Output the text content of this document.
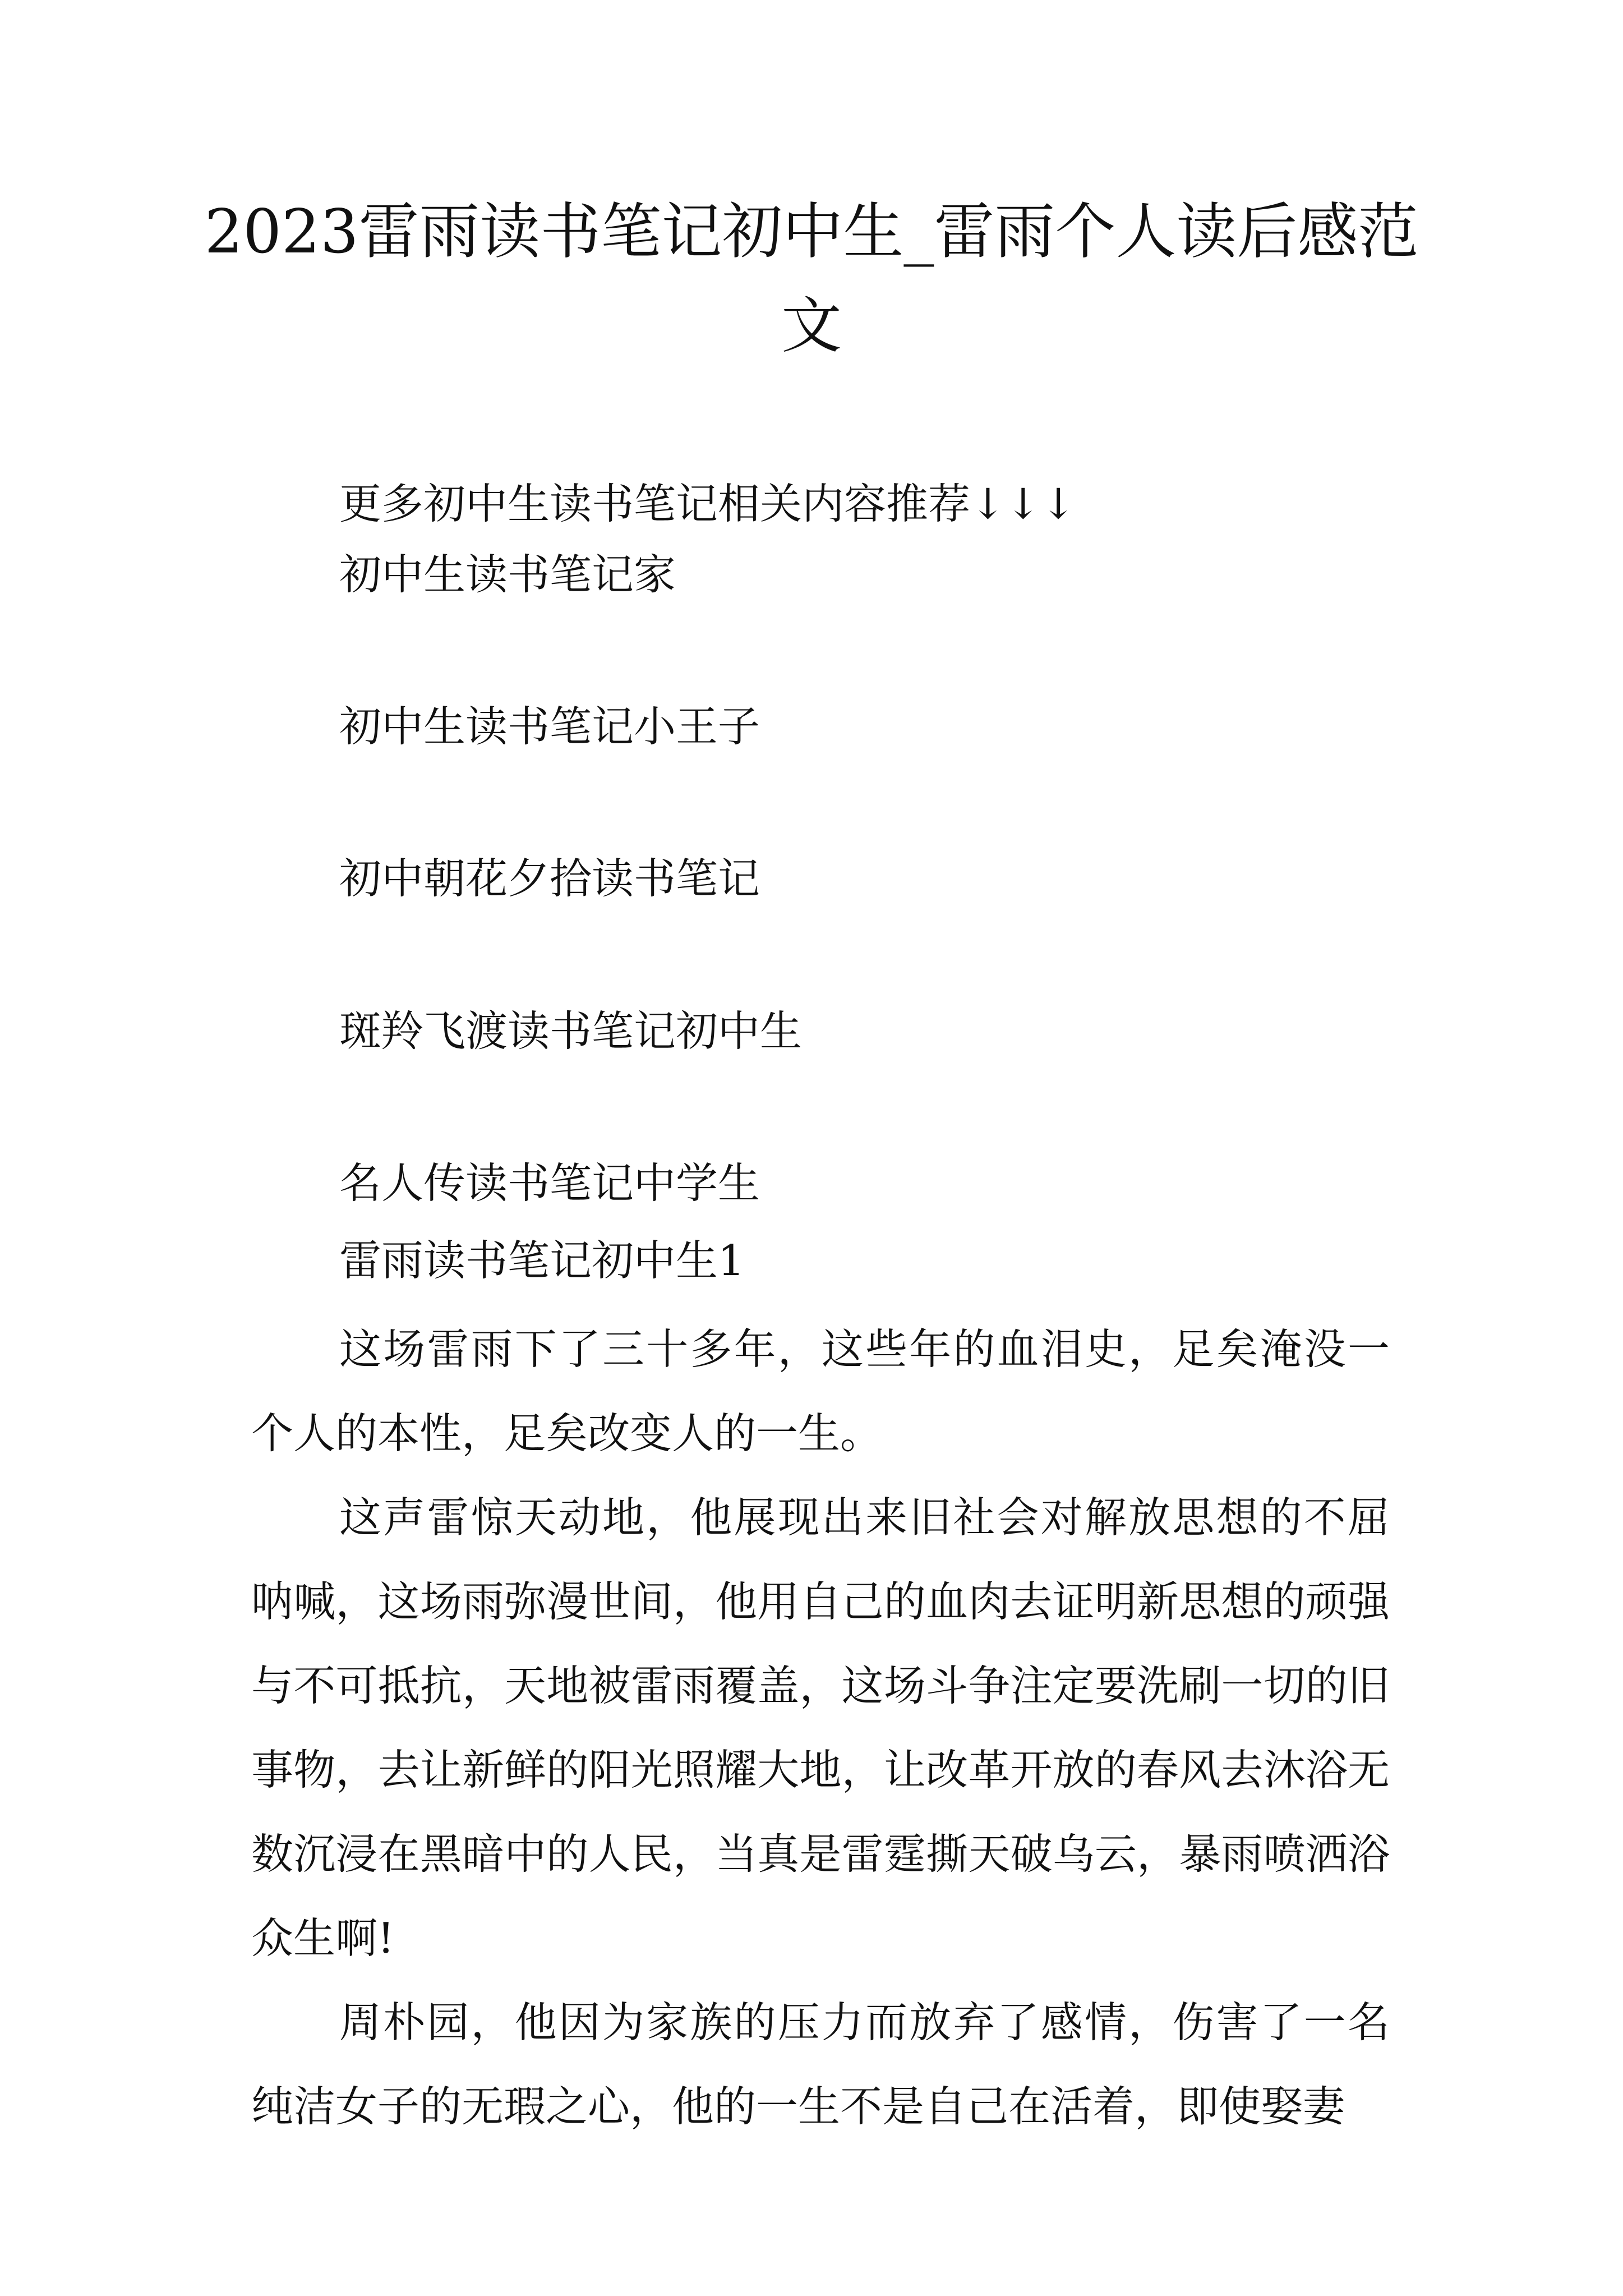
2023雷雨读书笔记初中生_雷雨个人读后感范文

更多初中生读书笔记相关内容推荐↓↓↓

初中生读书笔记家

初中生读书笔记小王子

初中朝花夕拾读书笔记

斑羚飞渡读书笔记初中生

名人传读书笔记中学生

雷雨读书笔记初中生1

这场雷雨下了三十多年，这些年的血泪史，足矣淹没一个人的本性，足矣改变人的一生。

这声雷惊天动地，他展现出来旧社会对解放思想的不屈呐喊，这场雨弥漫世间，他用自己的血肉去证明新思想的顽强与不可抵抗，天地被雷雨覆盖，这场斗争注定要洗刷一切的旧事物，去让新鲜的阳光照耀大地，让改革开放的春风去沐浴无数沉浸在黑暗中的人民，当真是雷霆撕天破乌云，暴雨喷洒浴众生啊!

周朴园，他因为家族的压力而放弃了感情，伤害了一名纯洁女子的无瑕之心，他的一生不是自己在活着，即使娶妻
